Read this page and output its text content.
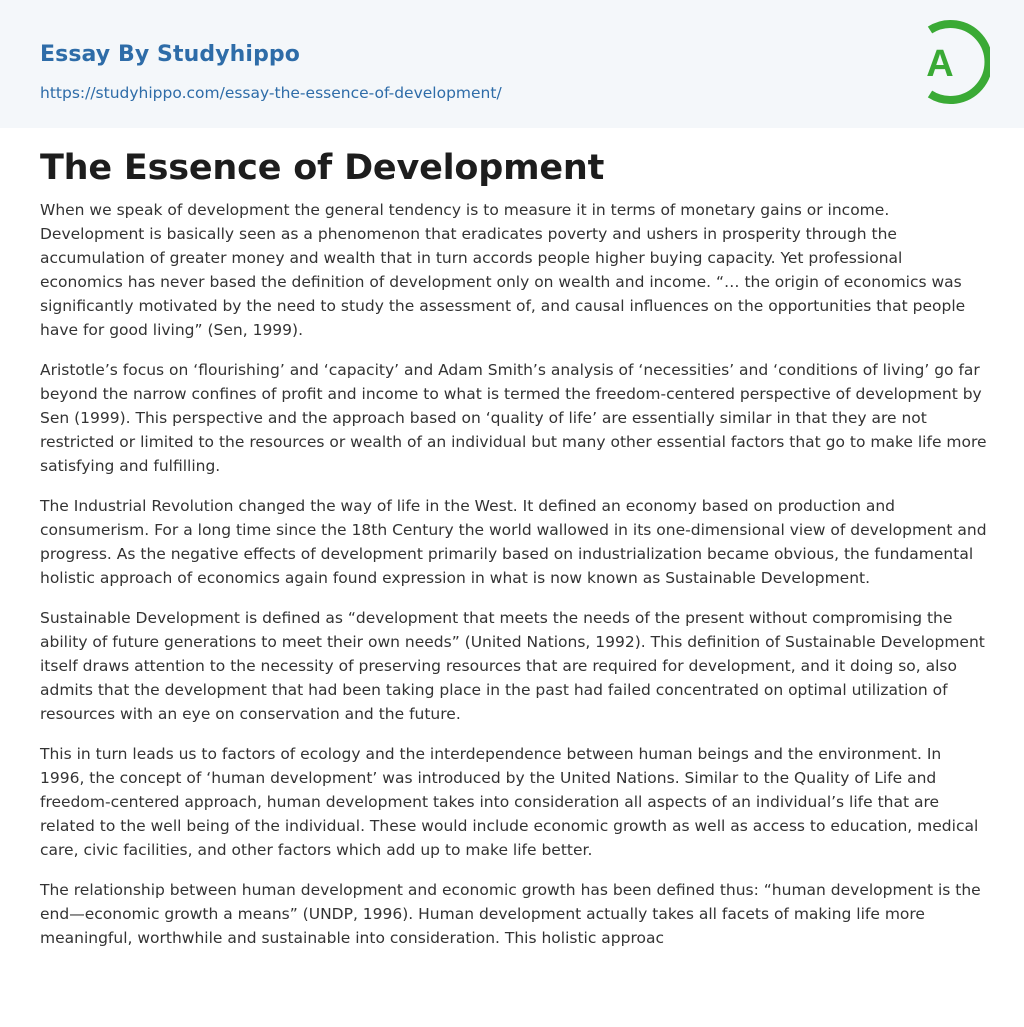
Essay By Studyhippo
https://studyhippo.com/essay-the-essence-of-development/
A
The Essence of Development

When we speak of development the general tendency is to measure it in terms of monetary gains or income. Development is basically seen as a phenomenon that eradicates poverty and ushers in prosperity through the accumulation of greater money and wealth that in turn accords people higher buying capacity. Yet professional economics has never based the definition of development only on wealth and income. “… the origin of economics was significantly motivated by the need to study the assessment of, and causal influences on the opportunities that people have for good living” (Sen, 1999).

Aristotle’s focus on ‘flourishing’ and ‘capacity’ and Adam Smith’s analysis of ‘necessities’ and ‘conditions of living’ go far beyond the narrow confines of profit and income to what is termed the freedom-centered perspective of development by Sen (1999). This perspective and the approach based on ‘quality of life’ are essentially similar in that they are not restricted or limited to the resources or wealth of an individual but many other essential factors that go to make life more satisfying and fulfilling.

The Industrial Revolution changed the way of life in the West. It defined an economy based on production and consumerism. For a long time since the 18th Century the world wallowed in its one-dimensional view of development and progress. As the negative effects of development primarily based on industrialization became obvious, the fundamental holistic approach of economics again found expression in what is now known as Sustainable Development.

Sustainable Development is defined as “development that meets the needs of the present without compromising the ability of future generations to meet their own needs” (United Nations, 1992). This definition of Sustainable Development itself draws attention to the necessity of preserving resources that are required for development, and it doing so, also admits that the development that had been taking place in the past had failed concentrated on optimal utilization of resources with an eye on conservation and the future.

This in turn leads us to factors of ecology and the interdependence between human beings and the environment. In 1996, the concept of ‘human development’ was introduced by the United Nations. Similar to the Quality of Life and freedom-centered approach, human development takes into consideration all aspects of an individual’s life that are related to the well being of the individual. These would include economic growth as well as access to education, medical care, civic facilities, and other factors which add up to make life better.

The relationship between human development and economic growth has been defined thus: “human development is the end—economic growth a means” (UNDP, 1996). Human development actually takes all facets of making life more meaningful, worthwhile and sustainable into consideration. This holistic approac
